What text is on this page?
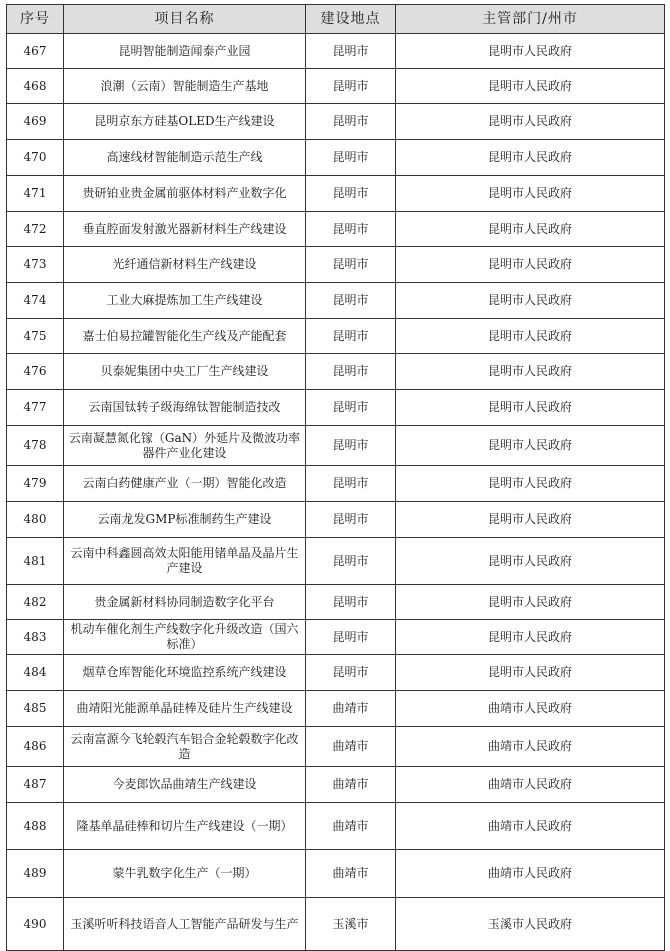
序号	项目名称	建设地点	主管部门/州市
467	昆明智能制造闻泰产业园	昆明市	昆明市人民政府
468	浪潮（云南）智能制造生产基地	昆明市	昆明市人民政府
469	昆明京东方硅基OLED生产线建设	昆明市	昆明市人民政府
470	高速线材智能制造示范生产线	昆明市	昆明市人民政府
471	贵研铂业贵金属前驱体材料产业数字化	昆明市	昆明市人民政府
472	垂直腔面发射激光器新材料生产线建设	昆明市	昆明市人民政府
473	光纤通信新材料生产线建设	昆明市	昆明市人民政府
474	工业大麻提炼加工生产线建设	昆明市	昆明市人民政府
475	嘉士伯易拉罐智能化生产线及产能配套	昆明市	昆明市人民政府
476	贝泰妮集团中央工厂生产线建设	昆明市	昆明市人民政府
477	云南国钛转子级海绵钛智能制造技改	昆明市	昆明市人民政府
478	云南凝慧氮化镓（GaN）外延片及微波功率器件产业化建设	昆明市	昆明市人民政府
479	云南白药健康产业（一期）智能化改造	昆明市	昆明市人民政府
480	云南龙发GMP标准制药生产建设	昆明市	昆明市人民政府
481	云南中科鑫圆高效太阳能用锗单晶及晶片生产建设	昆明市	昆明市人民政府
482	贵金属新材料协同制造数字化平台	昆明市	昆明市人民政府
483	机动车催化剂生产线数字化升级改造（国六标准）	昆明市	昆明市人民政府
484	烟草仓库智能化环境监控系统产线建设	昆明市	昆明市人民政府
485	曲靖阳光能源单晶硅棒及硅片生产线建设	曲靖市	曲靖市人民政府
486	云南富源今飞轮毂汽车铝合金轮毂数字化改造	曲靖市	曲靖市人民政府
487	今麦郎饮品曲靖生产线建设	曲靖市	曲靖市人民政府
488	隆基单晶硅棒和切片生产线建设（一期）	曲靖市	曲靖市人民政府
489	蒙牛乳数字化生产（一期）	曲靖市	曲靖市人民政府
490	玉溪听听科技语音人工智能产品研发与生产	玉溪市	玉溪市人民政府
